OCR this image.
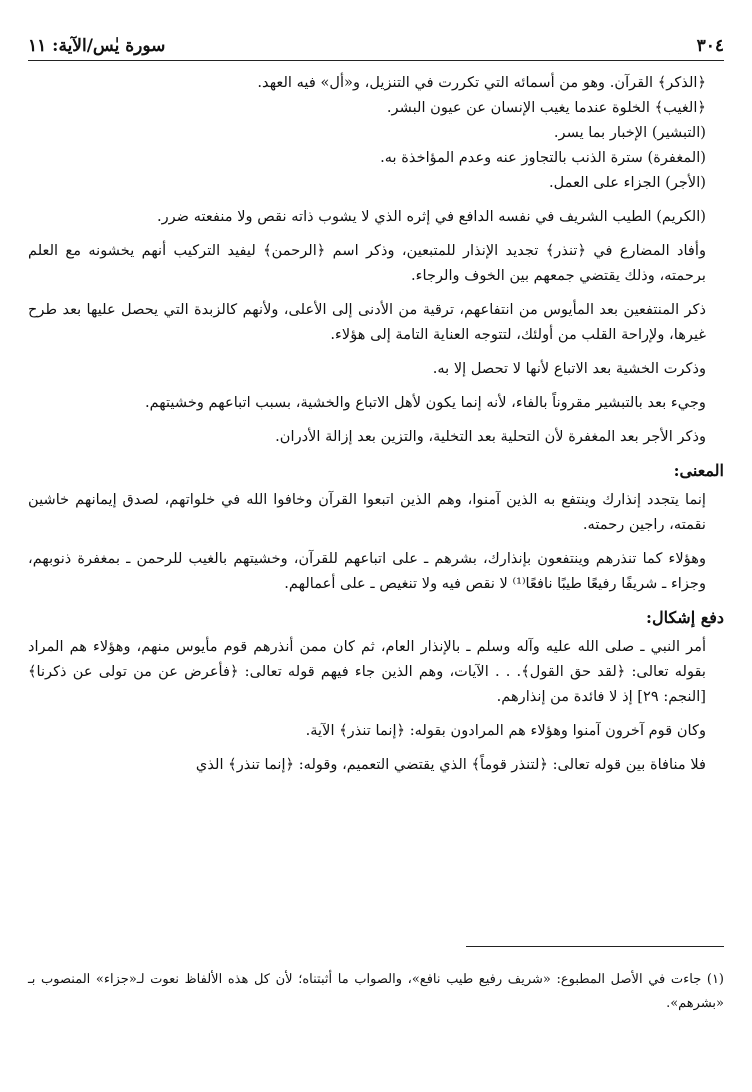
٣٠٤
سورة يٰس/الآية: ١١

﴿الذكر﴾ القرآن. وهو من أسمائه التي تكررت في التنزيل، و«أل» فيه العهد.

﴿الغيب﴾ الخلوة عندما يغيب الإنسان عن عيون البشر.

(التبشير) الإخبار بما يسر.

(المغفرة) سترة الذنب بالتجاوز عنه وعدم المؤاخذة به.

(الأجر) الجزاء على العمل.

(الكريم) الطيب الشريف في نفسه الدافع في إثره الذي لا يشوب ذاته نقص ولا منفعته ضرر.

وأفاد المضارع في ﴿تنذر﴾ تجديد الإنذار للمتبعين، وذكر اسم ﴿الرحمن﴾ ليفيد التركيب أنهم يخشونه مع العلم برحمته، وذلك يقتضي جمعهم بين الخوف والرجاء.

ذكر المنتفعين بعد المأيوس من انتفاعهم، ترقية من الأدنى إلى الأعلى، ولأنهم كالزبدة التي يحصل عليها بعد طرح غيرها، ولإراحة القلب من أولئك، لتتوجه العناية التامة إلى هؤلاء.

وذكرت الخشية بعد الاتباع لأنها لا تحصل إلا به.

وجيء بعد بالتبشير مقروناً بالفاء، لأنه إنما يكون لأهل الاتباع والخشية، بسبب اتباعهم وخشيتهم.

وذكر الأجر بعد المغفرة لأن التحلية بعد التخلية، والتزين بعد إزالة الأدران.

المعنى:

إنما يتجدد إنذارك وينتفع به الذين آمنوا، وهم الذين اتبعوا القرآن وخافوا الله في خلواتهم، لصدق إيمانهم خاشين نقمته، راجين رحمته.

وهؤلاء كما تنذرهم وينتفعون بإنذارك، بشرهم ـ على اتباعهم للقرآن، وخشيتهم بالغيب للرحمن ـ بمغفرة ذنوبهم، وجزاء ـ شريفًا رفيعًا طيبًا نافعًا⁽¹⁾ لا نقص فيه ولا تنغيص ـ على أعمالهم.

دفع إشكال:

أمر النبي ـ صلى الله عليه وآله وسلم ـ بالإنذار العام، ثم كان ممن أنذرهم قوم مأيوس منهم، وهؤلاء هم المراد بقوله تعالى: ﴿لقد حق القول﴾. . . الآيات، وهم الذين جاء فيهم قوله تعالى: ﴿فأعرض عن من تولى عن ذكرنا﴾ [النجم: ٢٩] إذ لا فائدة من إنذارهم.

وكان قوم آخرون آمنوا وهؤلاء هم المرادون بقوله: ﴿إنما تنذر﴾ الآية.

فلا منافاة بين قوله تعالى: ﴿لتنذر قوماً﴾ الذي يقتضي التعميم، وقوله: ﴿إنما تنذر﴾ الذي

(١) جاءت في الأصل المطبوع: «شريف رفيع طيب نافع»، والصواب ما أثبتناه؛ لأن كل هذه الألفاظ نعوت لـ«جزاء» المنصوب بـ «بشرهم».
